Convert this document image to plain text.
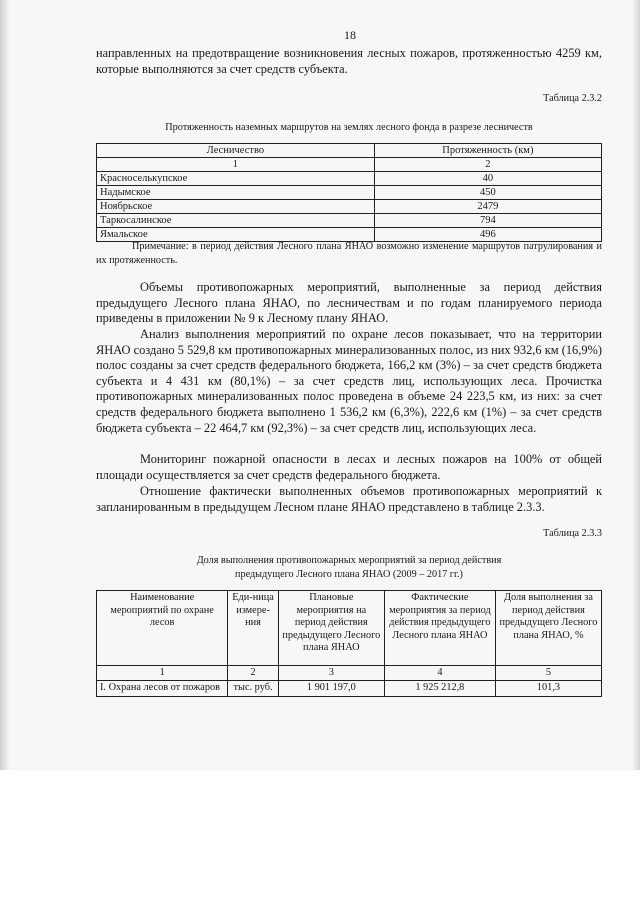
18
направленных на предотвращение возникновения лесных пожаров, протяженностью 4259 км, которые выполняются за счет средств субъекта.
Таблица 2.3.2
Протяженность наземных маршрутов на землях лесного фонда в разрезе лесничеств
Лесничество	Протяженность (км)
1	2
Красноселькупское	40
Надымское	450
Ноябрьское	2479
Таркосалинское	794
Ямальское	496
Примечание: в период действия Лесного плана ЯНАО возможно изменение маршрутов патрулирования и их протяженность.
Объемы противопожарных мероприятий, выполненные за период действия предыдущего Лесного плана ЯНАО, по лесничествам и по годам планируемого периода приведены в приложении № 9 к Лесному плану ЯНАО.
Анализ выполнения мероприятий по охране лесов показывает, что на территории ЯНАО создано 5 529,8 км противопожарных минерализованных полос, из них 932,6 км (16,9%) полос созданы за счет средств федерального бюджета, 166,2 км (3%) – за счет средств бюджета субъекта и 4 431 км (80,1%) – за счет средств лиц, использующих леса. Прочистка противопожарных минерализованных полос проведена в объеме 24 223,5 км, из них: за счет средств федерального бюджета выполнено 1 536,2 км (6,3%), 222,6 км (1%) – за счет средств бюджета субъекта – 22 464,7 км (92,3%) – за счет средств лиц, использующих леса.
Мониторинг пожарной опасности в лесах и лесных пожаров на 100% от общей площади осуществляется за счет средств федерального бюджета.
Отношение фактически выполненных объемов противопожарных мероприятий к запланированным в предыдущем Лесном плане ЯНАО представлено в таблице 2.3.3.
Таблица 2.3.3
Доля выполнения противопожарных мероприятий за период действия
предыдущего Лесного плана ЯНАО (2009 – 2017 гг.)
Наименование мероприятий по охране лесов	Еди-ница измере-ния	Плановые мероприятия на период действия предыдущего Лесного плана ЯНАО	Фактические мероприятия за период действия предыдущего Лесного плана ЯНАО	Доля выполнения за период действия предыдущего Лесного плана ЯНАО, %
1	2	3	4	5
I. Охрана лесов от пожаров	тыс. руб.	1 901 197,0	1 925 212,8	101,3
